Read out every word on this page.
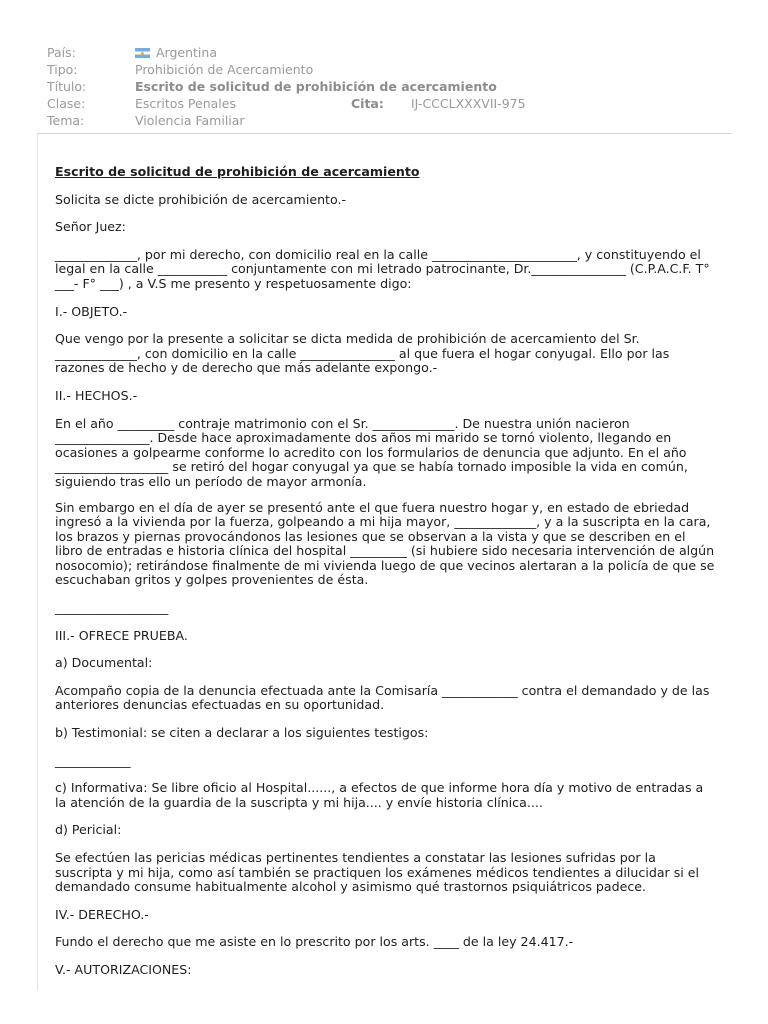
País:	Argentina
Tipo:	Prohibición de Acercamiento
Título:	Escrito de solicitud de prohibición de acercamiento
Clase:	Escritos Penales	Cita: IJ-CCCLXXXVII-975
Tema:	Violencia Familiar

Escrito de solicitud de prohibición de acercamiento

Solicita se dicte prohibición de acercamiento.-

Señor Juez:

_____________, por mi derecho, con domicilio real en la calle _______________________, y constituyendo el legal en la calle ___________ conjuntamente con mi letrado patrocinante, Dr._______________ (C.P.A.C.F. T° ___- F° ___) , a V.S me presento y respetuosamente digo:

I.- OBJETO.-

Que vengo por la presente a solicitar se dicta medida de prohibición de acercamiento del Sr. _____________, con domicilio en la calle _______________ al que fuera el hogar conyugal. Ello por las razones de hecho y de derecho que más adelante expongo.-

II.- HECHOS.-

En el año _________ contraje matrimonio con el Sr. _____________. De nuestra unión nacieron _______________. Desde hace aproximadamente dos años mi marido se tornó violento, llegando en ocasiones a golpearme conforme lo acredito con los formularios de denuncia que adjunto. En el año __________________ se retiró del hogar conyugal ya que se había tornado imposible la vida en común, siguiendo tras ello un período de mayor armonía.

Sin embargo en el día de ayer se presentó ante el que fuera nuestro hogar y, en estado de ebriedad ingresó a la vivienda por la fuerza, golpeando a mi hija mayor, _____________, y a la suscripta en la cara, los brazos y piernas provocándonos las lesiones que se observan a la vista y que se describen en el libro de entradas e historia clínica del hospital _________ (si hubiere sido necesaria intervención de algún nosocomio); retirándose finalmente de mi vivienda luego de que vecinos alertaran a la policía de que se escuchaban gritos y golpes provenientes de ésta.

__________________

III.- OFRECE PRUEBA.

a) Documental:

Acompaño copia de la denuncia efectuada ante la Comisaría ____________ contra el demandado y de las anteriores denuncias efectuadas en su oportunidad.

b) Testimonial: se citen a declarar a los siguientes testigos:

____________

c) Informativa: Se libre oficio al Hospital......, a efectos de que informe hora día y motivo de entradas a la atención de la guardia de la suscripta y mi hija.... y envíe historia clínica....

d) Pericial:

Se efectúen las pericias médicas pertinentes tendientes a constatar las lesiones sufridas por la suscripta y mi hija, como así también se practiquen los exámenes médicos tendientes a dilucidar si el demandado consume habitualmente alcohol y asimismo qué trastornos psiquiátricos padece.

IV.- DERECHO.-

Fundo el derecho que me asiste en lo prescrito por los arts. ____ de la ley 24.417.-

V.- AUTORIZACIONES:
